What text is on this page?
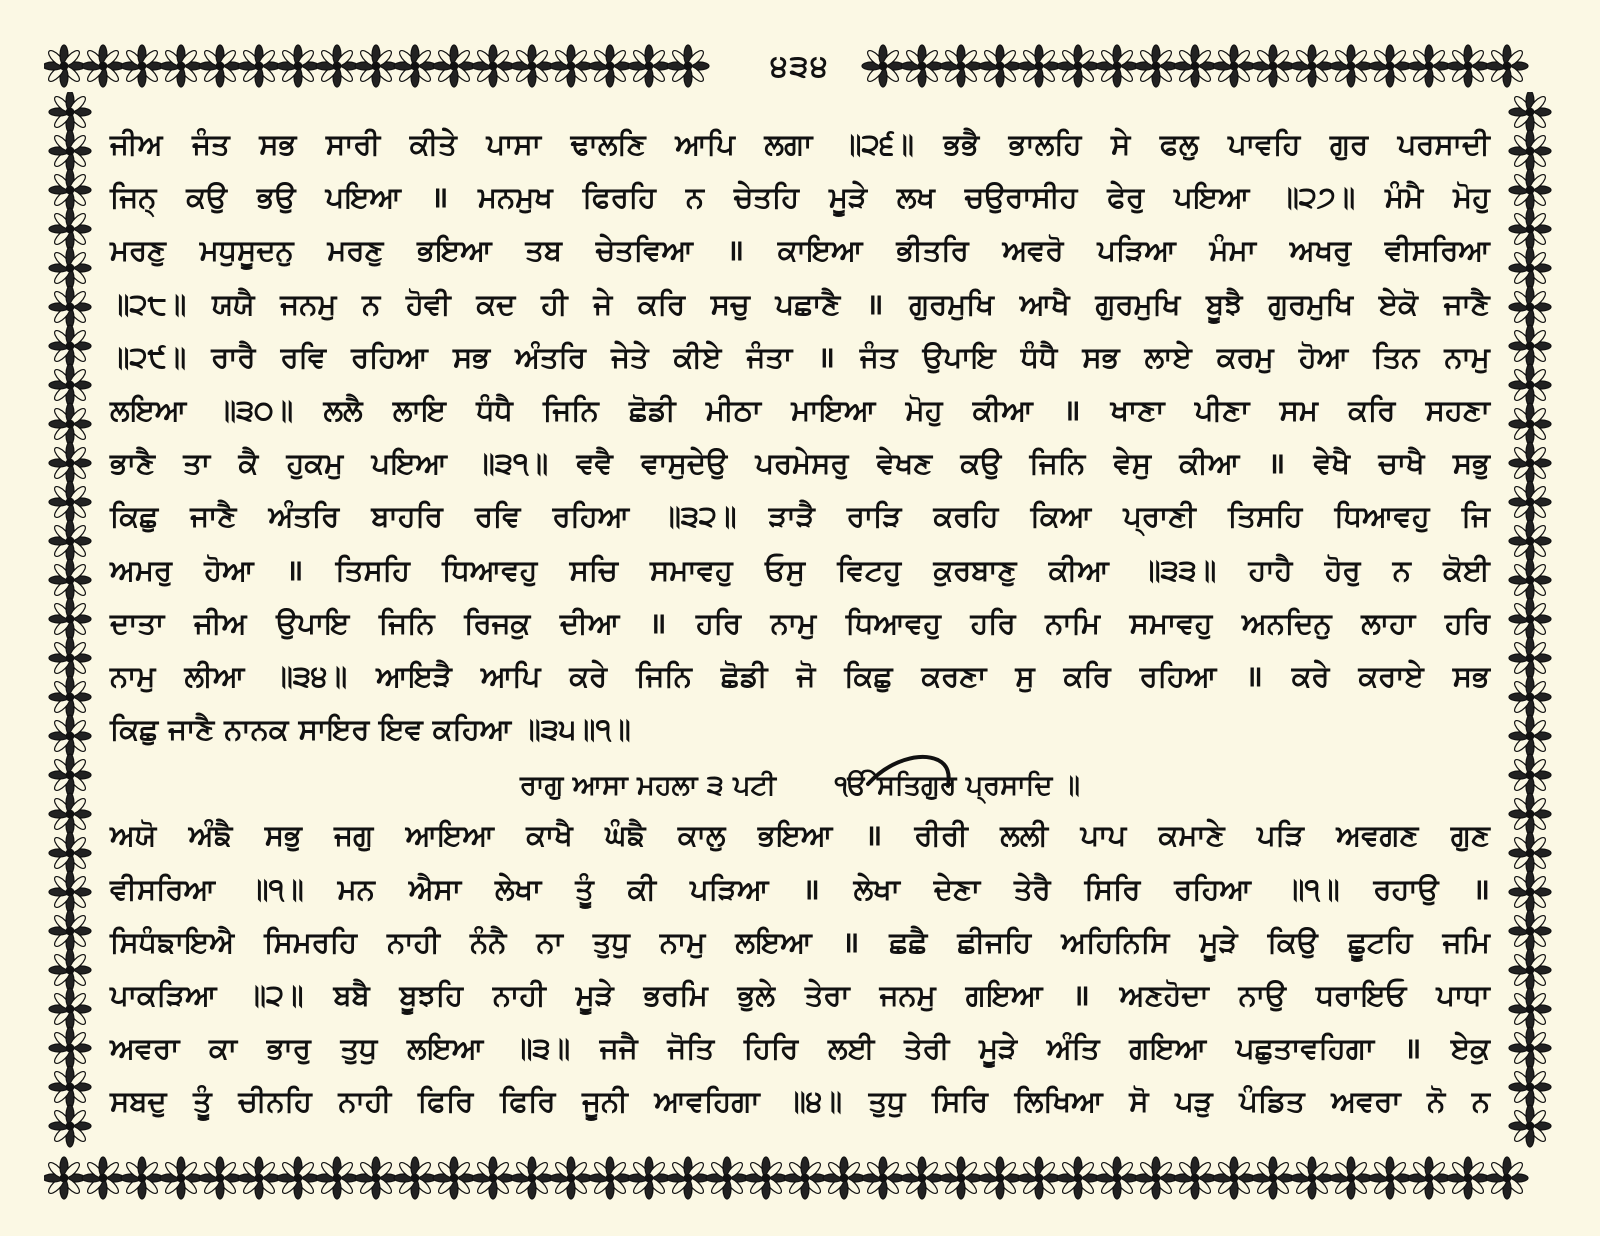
੪੩੪
ਜੀਅ ਜੰਤ ਸਭ ਸਾਰੀ ਕੀਤੇ ਪਾਸਾ ਢਾਲਣਿ ਆਪਿ ਲਗਾ ॥੨੬॥ ਭਭੈ ਭਾਲਹਿ ਸੇ ਫਲੁ ਪਾਵਹਿ ਗੁਰ ਪਰਸਾਦੀ
ਜਿਨ੍ ਕਉ ਭਉ ਪਇਆ ॥ ਮਨਮੁਖ ਫਿਰਹਿ ਨ ਚੇਤਹਿ ਮੂੜੇ ਲਖ ਚਉਰਾਸੀਹ ਫੇਰੁ ਪਇਆ ॥੨੭॥ ਮੰਮੈ ਮੋਹੁ
ਮਰਣੁ ਮਧੁਸੂਦਨੁ ਮਰਣੁ ਭਇਆ ਤਬ ਚੇਤਵਿਆ ॥ ਕਾਇਆ ਭੀਤਰਿ ਅਵਰੋ ਪੜਿਆ ਮੰਮਾ ਅਖਰੁ ਵੀਸਰਿਆ
॥੨੮॥ ਯਯੈ ਜਨਮੁ ਨ ਹੋਵੀ ਕਦ ਹੀ ਜੇ ਕਰਿ ਸਚੁ ਪਛਾਣੈ ॥ ਗੁਰਮੁਖਿ ਆਖੈ ਗੁਰਮੁਖਿ ਬੂਝੈ ਗੁਰਮੁਖਿ ਏਕੋ ਜਾਣੈ
॥੨੯॥ ਰਾਰੈ ਰਵਿ ਰਹਿਆ ਸਭ ਅੰਤਰਿ ਜੇਤੇ ਕੀਏ ਜੰਤਾ ॥ ਜੰਤ ਉਪਾਇ ਧੰਧੈ ਸਭ ਲਾਏ ਕਰਮੁ ਹੋਆ ਤਿਨ ਨਾਮੁ
ਲਇਆ ॥੩੦॥ ਲਲੈ ਲਾਇ ਧੰਧੈ ਜਿਨਿ ਛੋਡੀ ਮੀਠਾ ਮਾਇਆ ਮੋਹੁ ਕੀਆ ॥ ਖਾਣਾ ਪੀਣਾ ਸਮ ਕਰਿ ਸਹਣਾ
ਭਾਣੈ ਤਾ ਕੈ ਹੁਕਮੁ ਪਇਆ ॥੩੧॥ ਵਵੈ ਵਾਸੁਦੇਉ ਪਰਮੇਸਰੁ ਵੇਖਣ ਕਉ ਜਿਨਿ ਵੇਸੁ ਕੀਆ ॥ ਵੇਖੈ ਚਾਖੈ ਸਭੁ
ਕਿਛੁ ਜਾਣੈ ਅੰਤਰਿ ਬਾਹਰਿ ਰਵਿ ਰਹਿਆ ॥੩੨॥ ੜਾੜੈ ਰਾੜਿ ਕਰਹਿ ਕਿਆ ਪ੍ਰਾਣੀ ਤਿਸਹਿ ਧਿਆਵਹੁ ਜਿ
ਅਮਰੁ ਹੋਆ ॥ ਤਿਸਹਿ ਧਿਆਵਹੁ ਸਚਿ ਸਮਾਵਹੁ ਓਸੁ ਵਿਟਹੁ ਕੁਰਬਾਣੁ ਕੀਆ ॥੩੩॥ ਹਾਹੈ ਹੋਰੁ ਨ ਕੋਈ
ਦਾਤਾ ਜੀਅ ਉਪਾਇ ਜਿਨਿ ਰਿਜਕੁ ਦੀਆ ॥ ਹਰਿ ਨਾਮੁ ਧਿਆਵਹੁ ਹਰਿ ਨਾਮਿ ਸਮਾਵਹੁ ਅਨਦਿਨੁ ਲਾਹਾ ਹਰਿ
ਨਾਮੁ ਲੀਆ ॥੩੪॥ ਆਇੜੈ ਆਪਿ ਕਰੇ ਜਿਨਿ ਛੋਡੀ ਜੋ ਕਿਛੁ ਕਰਣਾ ਸੁ ਕਰਿ ਰਹਿਆ ॥ ਕਰੇ ਕਰਾਏ ਸਭ
ਕਿਛੁ ਜਾਣੈ ਨਾਨਕ ਸਾਇਰ ਇਵ ਕਹਿਆ ॥੩੫॥੧॥
ਰਾਗੁ ਆਸਾ ਮਹਲਾ ੩ ਪਟੀ ੴ ਸਤਿਗੁਰ ਪ੍ਰਸਾਦਿ ॥
ਅਯੋ ਅੰਙੈ ਸਭੁ ਜਗੁ ਆਇਆ ਕਾਖੈ ਘੰਙੈ ਕਾਲੁ ਭਇਆ ॥ ਰੀਰੀ ਲਲੀ ਪਾਪ ਕਮਾਣੇ ਪੜਿ ਅਵਗਣ ਗੁਣ
ਵੀਸਰਿਆ ॥੧॥ ਮਨ ਐਸਾ ਲੇਖਾ ਤੂੰ ਕੀ ਪੜਿਆ ॥ ਲੇਖਾ ਦੇਣਾ ਤੇਰੈ ਸਿਰਿ ਰਹਿਆ ॥੧॥ ਰਹਾਉ ॥
ਸਿਧੰਙਾਇਐ ਸਿਮਰਹਿ ਨਾਹੀ ਨੰਨੈ ਨਾ ਤੁਧੁ ਨਾਮੁ ਲਇਆ ॥ ਛਛੈ ਛੀਜਹਿ ਅਹਿਨਿਸਿ ਮੂੜੇ ਕਿਉ ਛੂਟਹਿ ਜਮਿ
ਪਾਕੜਿਆ ॥੨॥ ਬਬੈ ਬੂਝਹਿ ਨਾਹੀ ਮੂੜੇ ਭਰਮਿ ਭੁਲੇ ਤੇਰਾ ਜਨਮੁ ਗਇਆ ॥ ਅਣਹੋਦਾ ਨਾਉ ਧਰਾਇਓ ਪਾਧਾ
ਅਵਰਾ ਕਾ ਭਾਰੁ ਤੁਧੁ ਲਇਆ ॥੩॥ ਜਜੈ ਜੋਤਿ ਹਿਰਿ ਲਈ ਤੇਰੀ ਮੂੜੇ ਅੰਤਿ ਗਇਆ ਪਛੁਤਾਵਹਿਗਾ ॥ ਏਕੁ
ਸਬਦੁ ਤੂੰ ਚੀਨਹਿ ਨਾਹੀ ਫਿਰਿ ਫਿਰਿ ਜੂਨੀ ਆਵਹਿਗਾ ॥੪॥ ਤੁਧੁ ਸਿਰਿ ਲਿਖਿਆ ਸੋ ਪੜੁ ਪੰਡਿਤ ਅਵਰਾ ਨੋ ਨ
